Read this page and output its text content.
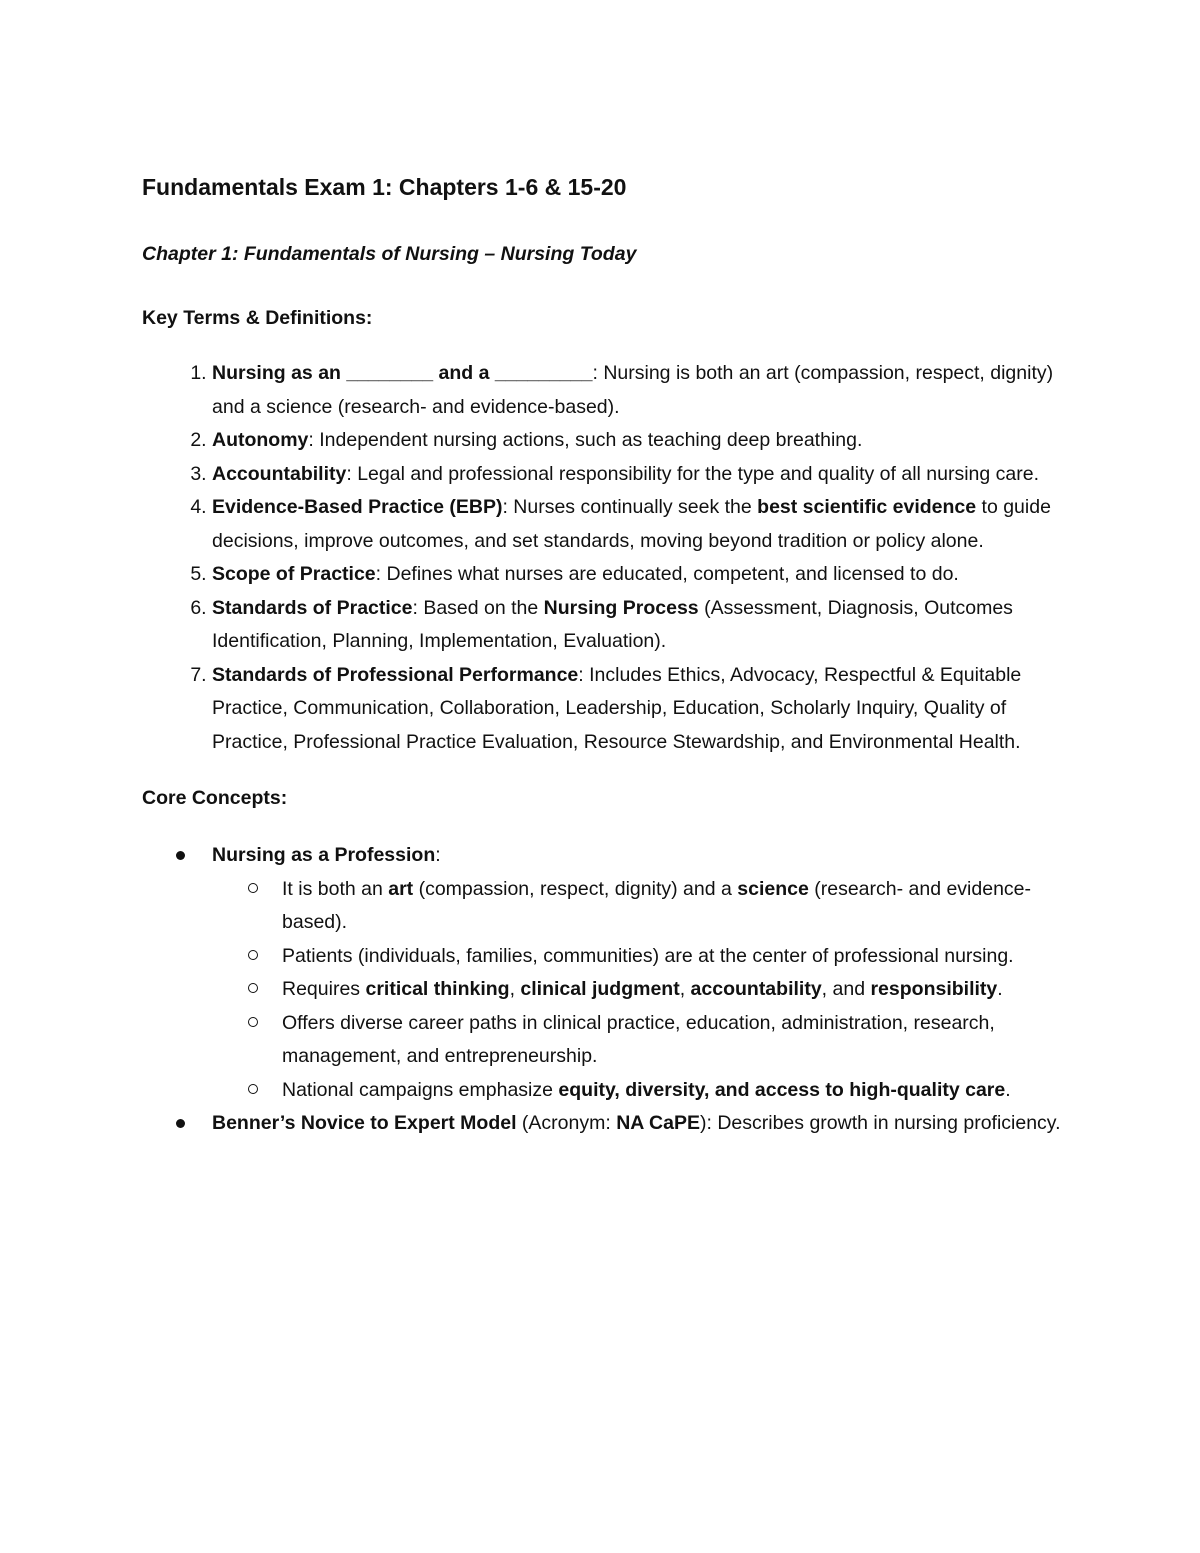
Fundamentals Exam 1: Chapters 1-6 & 15-20
Chapter 1: Fundamentals of Nursing – Nursing Today
Key Terms & Definitions:
1. Nursing as an ________ and a _________: Nursing is both an art (compassion, respect, dignity) and a science (research- and evidence-based).
2. Autonomy: Independent nursing actions, such as teaching deep breathing.
3. Accountability: Legal and professional responsibility for the type and quality of all nursing care.
4. Evidence-Based Practice (EBP): Nurses continually seek the best scientific evidence to guide decisions, improve outcomes, and set standards, moving beyond tradition or policy alone.
5. Scope of Practice: Defines what nurses are educated, competent, and licensed to do.
6. Standards of Practice: Based on the Nursing Process (Assessment, Diagnosis, Outcomes Identification, Planning, Implementation, Evaluation).
7. Standards of Professional Performance: Includes Ethics, Advocacy, Respectful & Equitable Practice, Communication, Collaboration, Leadership, Education, Scholarly Inquiry, Quality of Practice, Professional Practice Evaluation, Resource Stewardship, and Environmental Health.
Core Concepts:
Nursing as a Profession:
It is both an art (compassion, respect, dignity) and a science (research- and evidence-based).
Patients (individuals, families, communities) are at the center of professional nursing.
Requires critical thinking, clinical judgment, accountability, and responsibility.
Offers diverse career paths in clinical practice, education, administration, research, management, and entrepreneurship.
National campaigns emphasize equity, diversity, and access to high-quality care.
Benner’s Novice to Expert Model (Acronym: NA CaPE): Describes growth in nursing proficiency.
